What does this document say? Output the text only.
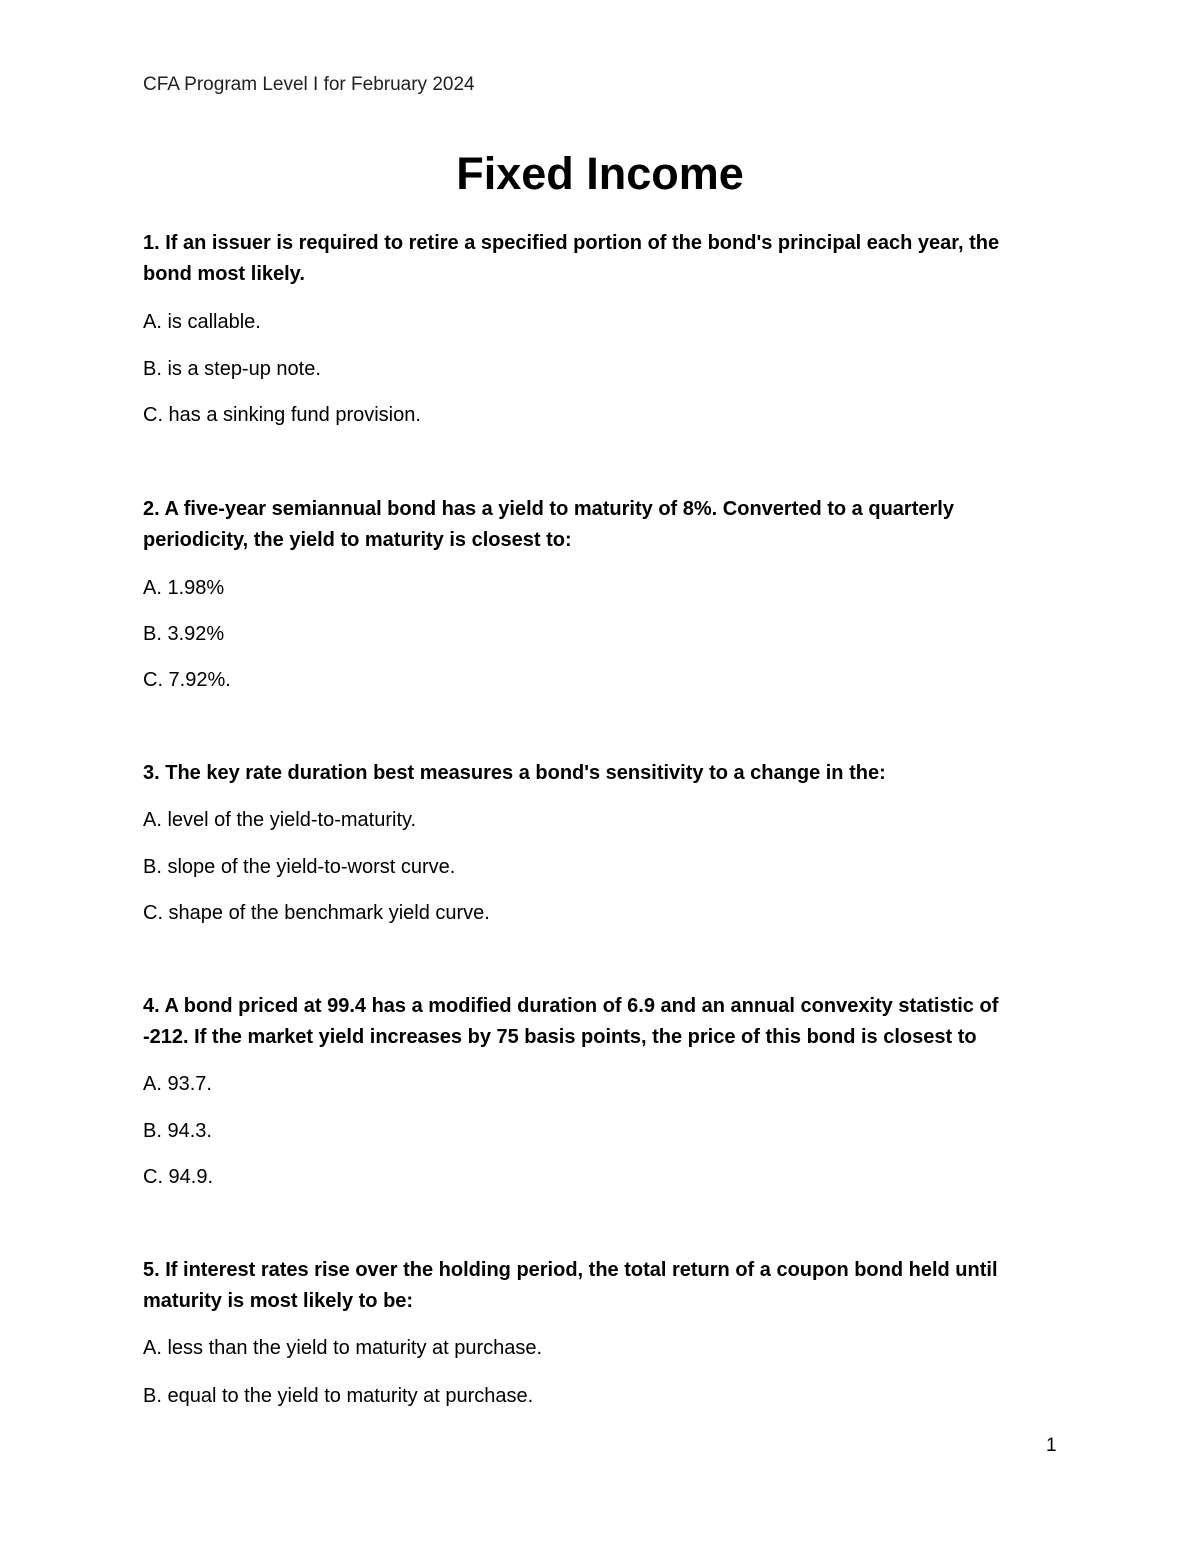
CFA Program Level I for February 2024
Fixed Income

1. If an issuer is required to retire a specified portion of the bond's principal each year, the bond most likely.

A. is callable.

B. is a step-up note.

C. has a sinking fund provision.

2. A five-year semiannual bond has a yield to maturity of 8%. Converted to a quarterly periodicity, the yield to maturity is closest to:

A. 1.98%

B. 3.92%

C. 7.92%.

3. The key rate duration best measures a bond's sensitivity to a change in the:

A. level of the yield-to-maturity.

B. slope of the yield-to-worst curve.

C. shape of the benchmark yield curve.

4. A bond priced at 99.4 has a modified duration of 6.9 and an annual convexity statistic of -212. If the market yield increases by 75 basis points, the price of this bond is closest to

A. 93.7.

B. 94.3.

C. 94.9.

5. If interest rates rise over the holding period, the total return of a coupon bond held until maturity is most likely to be:

A. less than the yield to maturity at purchase.

B. equal to the yield to maturity at purchase.

1
